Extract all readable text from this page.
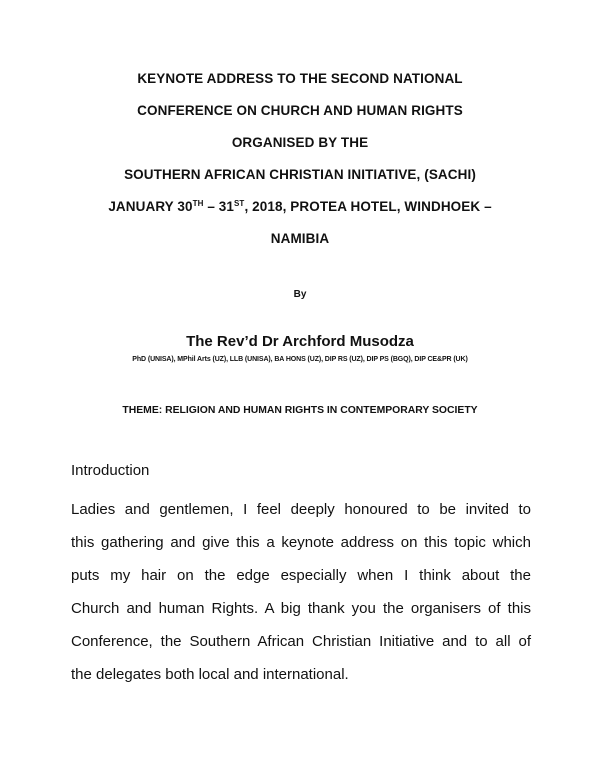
KEYNOTE ADDRESS TO THE SECOND NATIONAL
CONFERENCE ON CHURCH AND HUMAN RIGHTS
ORGANISED BY THE
SOUTHERN AFRICAN CHRISTIAN INITIATIVE, (SACHI)
JANUARY 30TH – 31ST, 2018, PROTEA HOTEL, WINDHOEK –
NAMIBIA
By
The Rev’d Dr Archford Musodza
PhD (UNISA), MPhil Arts (UZ), LLB (UNISA), BA HONS (UZ), DIP RS (UZ), DIP PS (BGQ), DIP CE&PR (UK)
THEME: RELIGION AND HUMAN RIGHTS IN CONTEMPORARY SOCIETY
Introduction
Ladies and gentlemen, I feel deeply honoured to be invited to
this gathering and give this a keynote address on this topic which
puts my hair on the edge especially when I think about the
Church and human Rights. A big thank you the organisers of this
Conference, the Southern African Christian Initiative and to all of
the delegates both local and international.
